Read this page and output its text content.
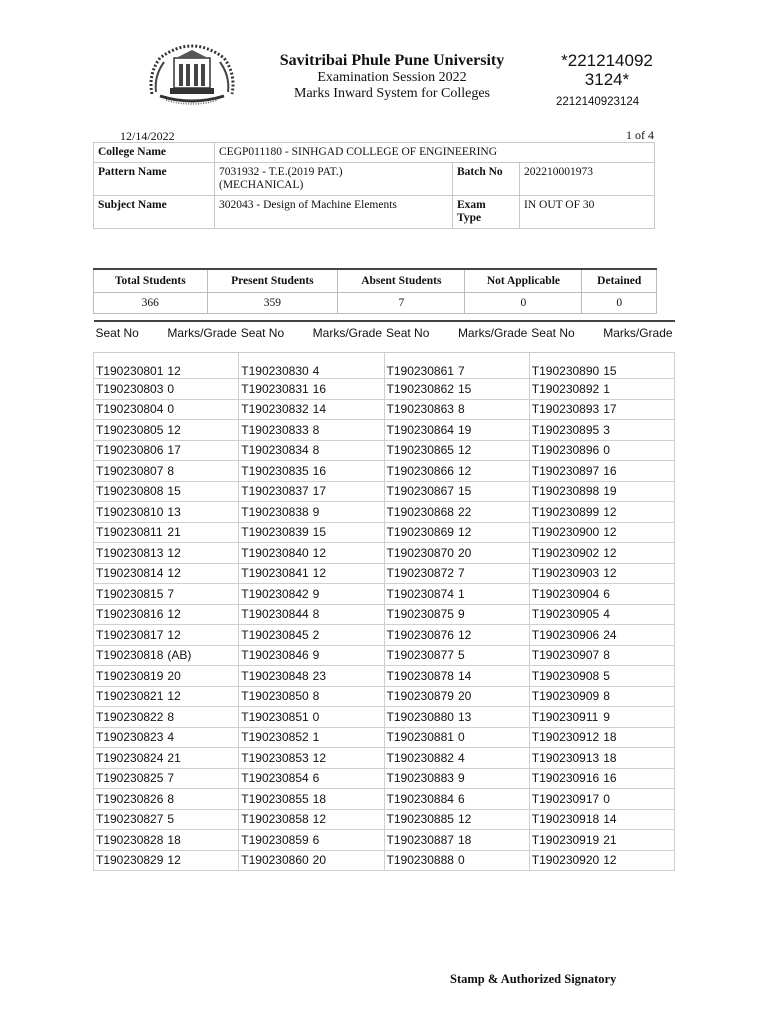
Savitribai Phule Pune University
Examination Session 2022
Marks Inward System for Colleges
*221214092
3124*
2212140923124
12/14/2022	1 of 4
College Name	CEGP011180 - SINHGAD COLLEGE OF ENGINEERING		
Pattern Name	7031932 - T.E.(2019 PAT.)
(MECHANICAL)	Batch No	202210001973
Subject Name	302043 - Design of Machine Elements	Exam
Type	IN OUT OF 30
Total Students	Present Students	Absent Students	Not Applicable	Detained
366	359	7	0	0
Seat No	Marks/Grade	Seat No	Marks/Grade	Seat No	Marks/Grade	Seat No	Marks/Grade
T190230801	12	T190230830	4	T190230861	7	T190230890	15
T190230803	0	T190230831	16	T190230862	15	T190230892	1
T190230804	0	T190230832	14	T190230863	8	T190230893	17
T190230805	12	T190230833	8	T190230864	19	T190230895	3
T190230806	17	T190230834	8	T190230865	12	T190230896	0
T190230807	8	T190230835	16	T190230866	12	T190230897	16
T190230808	15	T190230837	17	T190230867	15	T190230898	19
T190230810	13	T190230838	9	T190230868	22	T190230899	12
T190230811	21	T190230839	15	T190230869	12	T190230900	12
T190230813	12	T190230840	12	T190230870	20	T190230902	12
T190230814	12	T190230841	12	T190230872	7	T190230903	12
T190230815	7	T190230842	9	T190230874	1	T190230904	6
T190230816	12	T190230844	8	T190230875	9	T190230905	4
T190230817	12	T190230845	2	T190230876	12	T190230906	24
T190230818	(AB)	T190230846	9	T190230877	5	T190230907	8
T190230819	20	T190230848	23	T190230878	14	T190230908	5
T190230821	12	T190230850	8	T190230879	20	T190230909	8
T190230822	8	T190230851	0	T190230880	13	T190230911	9
T190230823	4	T190230852	1	T190230881	0	T190230912	18
T190230824	21	T190230853	12	T190230882	4	T190230913	18
T190230825	7	T190230854	6	T190230883	9	T190230916	16
T190230826	8	T190230855	18	T190230884	6	T190230917	0
T190230827	5	T190230858	12	T190230885	12	T190230918	14
T190230828	18	T190230859	6	T190230887	18	T190230919	21
T190230829	12	T190230860	20	T190230888	0	T190230920	12
Stamp & Authorized Signatory
